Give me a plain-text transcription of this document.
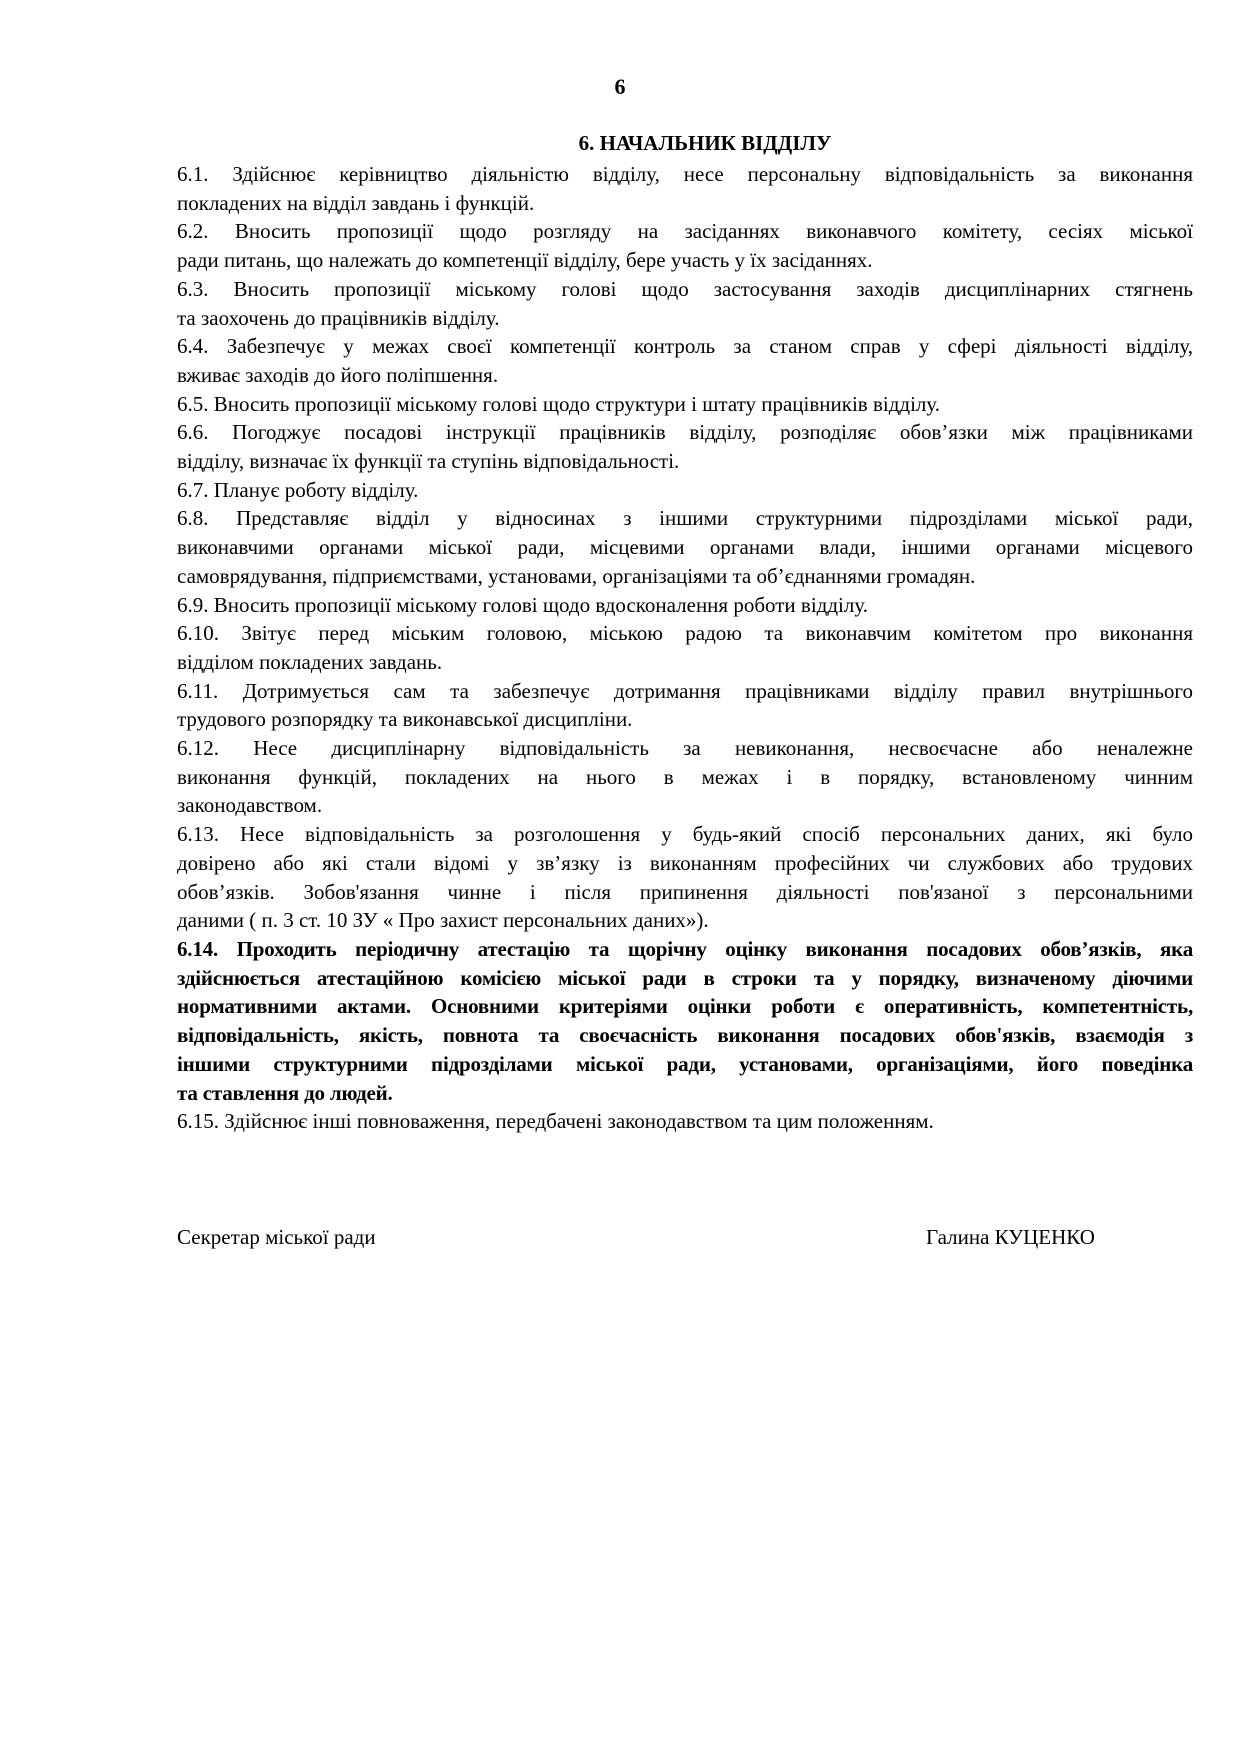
6
6. НАЧАЛЬНИК ВІДДІЛУ
6.1. Здійснює керівництво діяльністю відділу, несе персональну відповідальність за виконання
покладених на відділ завдань і функцій.
6.2. Вносить пропозиції щодо розгляду на засіданнях виконавчого комітету, сесіях міської
ради питань, що належать до компетенції відділу, бере участь у їх засіданнях.
6.3. Вносить пропозиції міському голові щодо застосування заходів дисциплінарних стягнень
та заохочень до працівників відділу.
6.4. Забезпечує у межах своєї компетенції контроль за станом справ у сфері діяльності відділу,
вживає заходів до його поліпшення.
6.5. Вносить пропозиції міському голові щодо структури і штату працівників відділу.
6.6. Погоджує посадові інструкції працівників відділу, розподіляє обов’язки між працівниками
відділу, визначає їх функції та ступінь відповідальності.
6.7. Планує роботу відділу.
6.8. Представляє відділ у відносинах з іншими структурними підрозділами міської ради,
виконавчими органами міської ради, місцевими органами влади, іншими органами місцевого
самоврядування, підприємствами, установами, організаціями та об’єднаннями громадян.
6.9. Вносить пропозиції міському голові щодо вдосконалення роботи відділу.
6.10. Звітує перед міським головою, міською радою та виконавчим комітетом про виконання
відділом покладених завдань.
6.11. Дотримується сам та забезпечує дотримання працівниками відділу правил внутрішнього
трудового розпорядку та виконавської дисципліни.
6.12. Несе дисциплінарну відповідальність за невиконання, несвоєчасне або неналежне
виконання функцій, покладених на нього в межах і в порядку, встановленому чинним
законодавством.
6.13. Несе відповідальність за розголошення у будь-який спосіб персональних даних, які було
довірено або які стали відомі у зв’язку із виконанням професійних чи службових або трудових
обов’язків. Зобов'язання чинне і після припинення діяльності пов'язаної з персональними
даними ( п. 3 ст. 10 ЗУ « Про захист персональних даних»).
6.14. Проходить періодичну атестацію та щорічну оцінку виконання посадових обов’язків, яка
здійснюється атестаційною комісією міської ради в строки та у порядку, визначеному діючими
нормативними актами. Основними критеріями оцінки роботи є оперативність, компетентність,
відповідальність, якість, повнота та своєчасність виконання посадових обов'язків, взаємодія з
іншими структурними підрозділами міської ради, установами, організаціями, його поведінка
та ставлення до людей.
6.15. Здійснює інші повноваження, передбачені законодавством та цим положенням.
Секретар міської ради	Галина КУЦЕНКО
